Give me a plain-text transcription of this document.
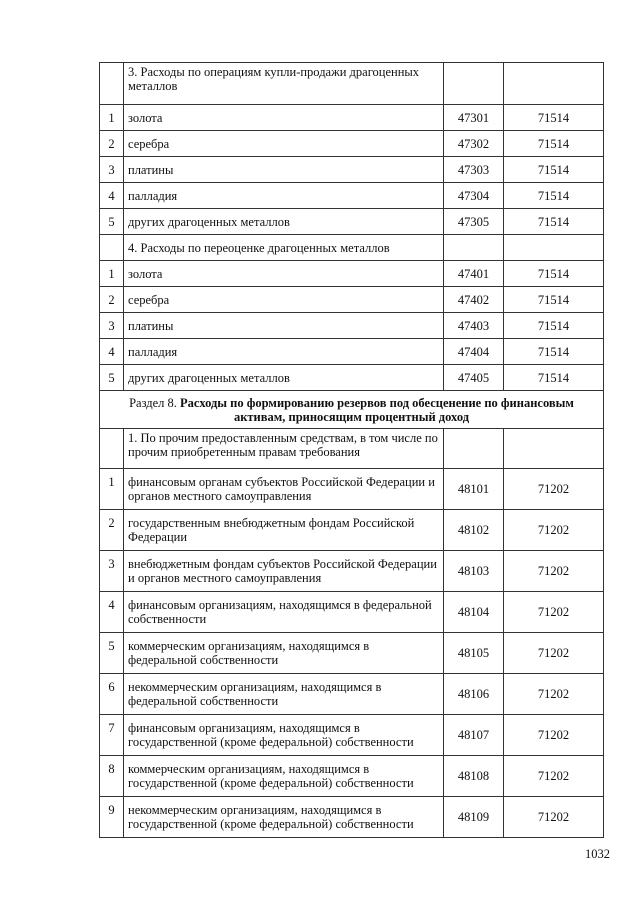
	3. Расходы по операциям купли-продажи драгоценных металлов		
1	золота	47301	71514
2	серебра	47302	71514
3	платины	47303	71514
4	палладия	47304	71514
5	других драгоценных металлов	47305	71514
	4. Расходы по переоценке драгоценных металлов		
1	золота	47401	71514
2	серебра	47402	71514
3	платины	47403	71514
4	палладия	47404	71514
5	других драгоценных металлов	47405	71514
Раздел 8. Расходы по формированию резервов под обесценение по финансовым активам, приносящим процентный доход			
	1. По прочим предоставленным средствам, в том числе по прочим приобретенным правам требования		
1	финансовым органам субъектов Российской Федерации и органов местного самоуправления	48101	71202
2	государственным внебюджетным фондам Российской Федерации	48102	71202
3	внебюджетным фондам субъектов Российской Федерации и органов местного самоуправления	48103	71202
4	финансовым организациям, находящимся в федеральной собственности	48104	71202
5	коммерческим организациям, находящимся в федеральной собственности	48105	71202
6	некоммерческим организациям, находящимся в федеральной собственности	48106	71202
7	финансовым организациям, находящимся в государственной (кроме федеральной) собственности	48107	71202
8	коммерческим организациям, находящимся в государственной (кроме федеральной) собственности	48108	71202
9	некоммерческим организациям, находящимся в государственной (кроме федеральной) собственности	48109	71202
1032
